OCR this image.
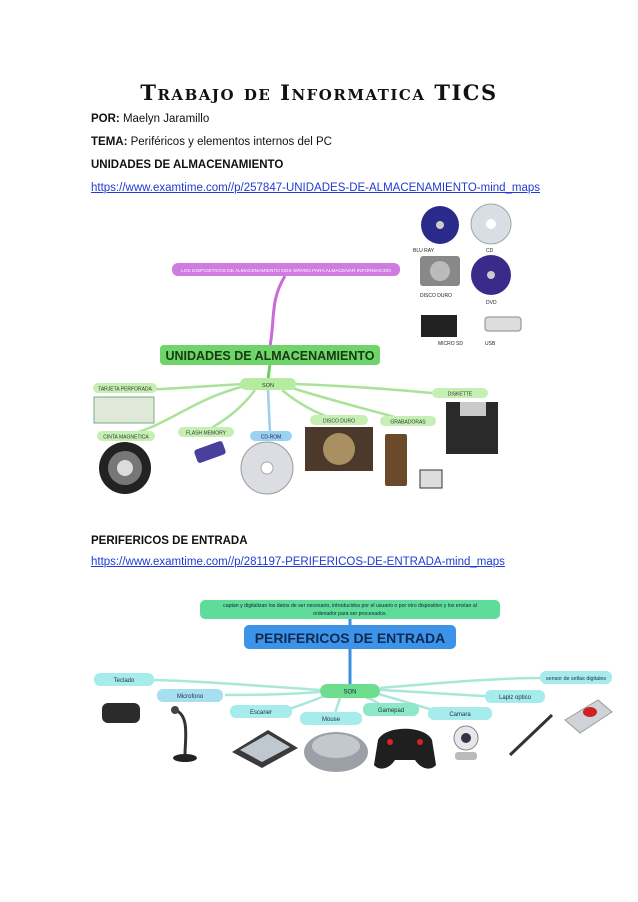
Trabajo de Informatica TICS
POR: Maelyn Jaramillo
TEMA: Periféricos y elementos internos del PC
UNIDADES DE ALMACENAMIENTO
https://www.examtime.com//p/257847-UNIDADES-DE-ALMACENAMIENTO-mind_maps
BLU RAY	CD
DISCO DURO
DVD
MICRO SD	USB
LOS DISPOSITIVOS DE ALMACENAMIENTO NOS SIRVEN PARA ALMACENAR INFORMACION
UNIDADES DE ALMACENAMIENTO
SON
TARJETA PERFORADA
CINTA MAGNETICA
FLASH MEMORY
CD-ROM
DISCO DURO	GRABADORAS
DISKETTE
PERIFERICOS DE ENTRADA
https://www.examtime.com//p/281197-PERIFERICOS-DE-ENTRADA-mind_maps
captan y digitalizan los datos de ser necesario, introducidos por el usuario o por otro dispositivo y los envían al
ordenador para ser procesados.
PERIFERICOS DE ENTRADA
SON
Teclado
Microfono
Escaner
Mouse
Gamepad
Camara
Lapiz optico
sensor de sellas digitales
